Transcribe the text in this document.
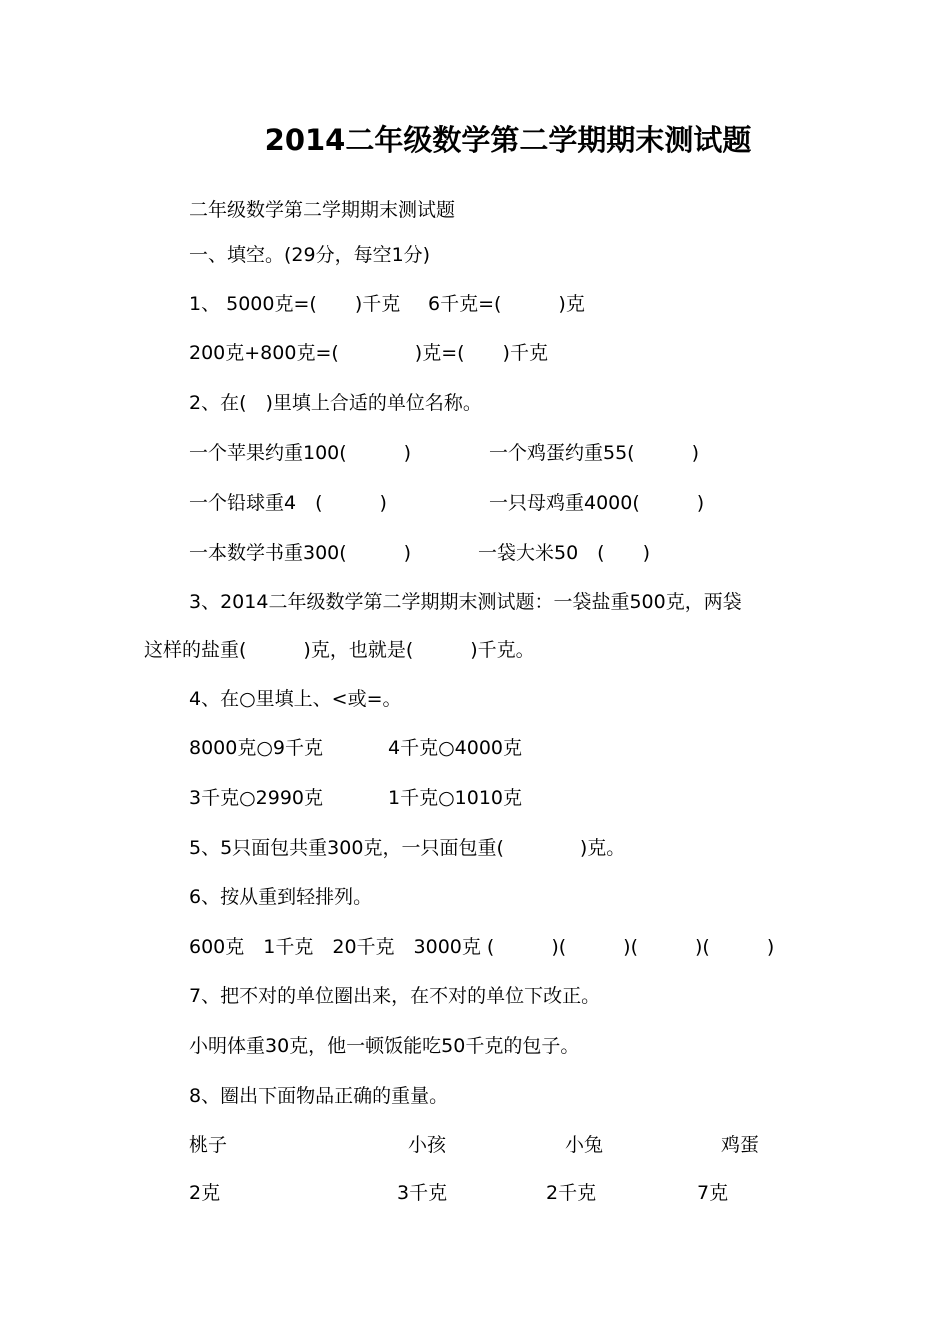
2014二年级数学第二学期期末测试题
二年级数学第二学期期末测试题
一、填空。(29分，每空1分)
1、 5000克=(　　)千克 6千克=(　　　)克
200克+800克=(　　　　)克=(　　)千克
2、在(　)里填上合适的单位名称。
一个苹果约重100(　　　)	一个鸡蛋约重55(　　　)
一个铅球重4　(　　　)	一只母鸡重4000(　　　)
一本数学书重300(　　　)	一袋大米50　(　　)
3、2014二年级数学第二学期期末测试题：一袋盐重500克，两袋
这样的盐重(　　　)克，也就是(　　　)千克。
4、在○里填上、<或=。
8000克○9千克	4千克○4000克
3千克○2990克	1千克○1010克
5、5只面包共重300克，一只面包重(　　　　)克。
6、按从重到轻排列。
600克　1千克　20千克　3000克 (　　　)(　　　)(　　　)(　　　)
7、把不对的单位圈出来，在不对的单位下改正。
小明体重30克，他一顿饭能吃50千克的包子。
8、圈出下面物品正确的重量。
桃子	小孩	小兔	鸡蛋
2克	3千克	2千克	7克
